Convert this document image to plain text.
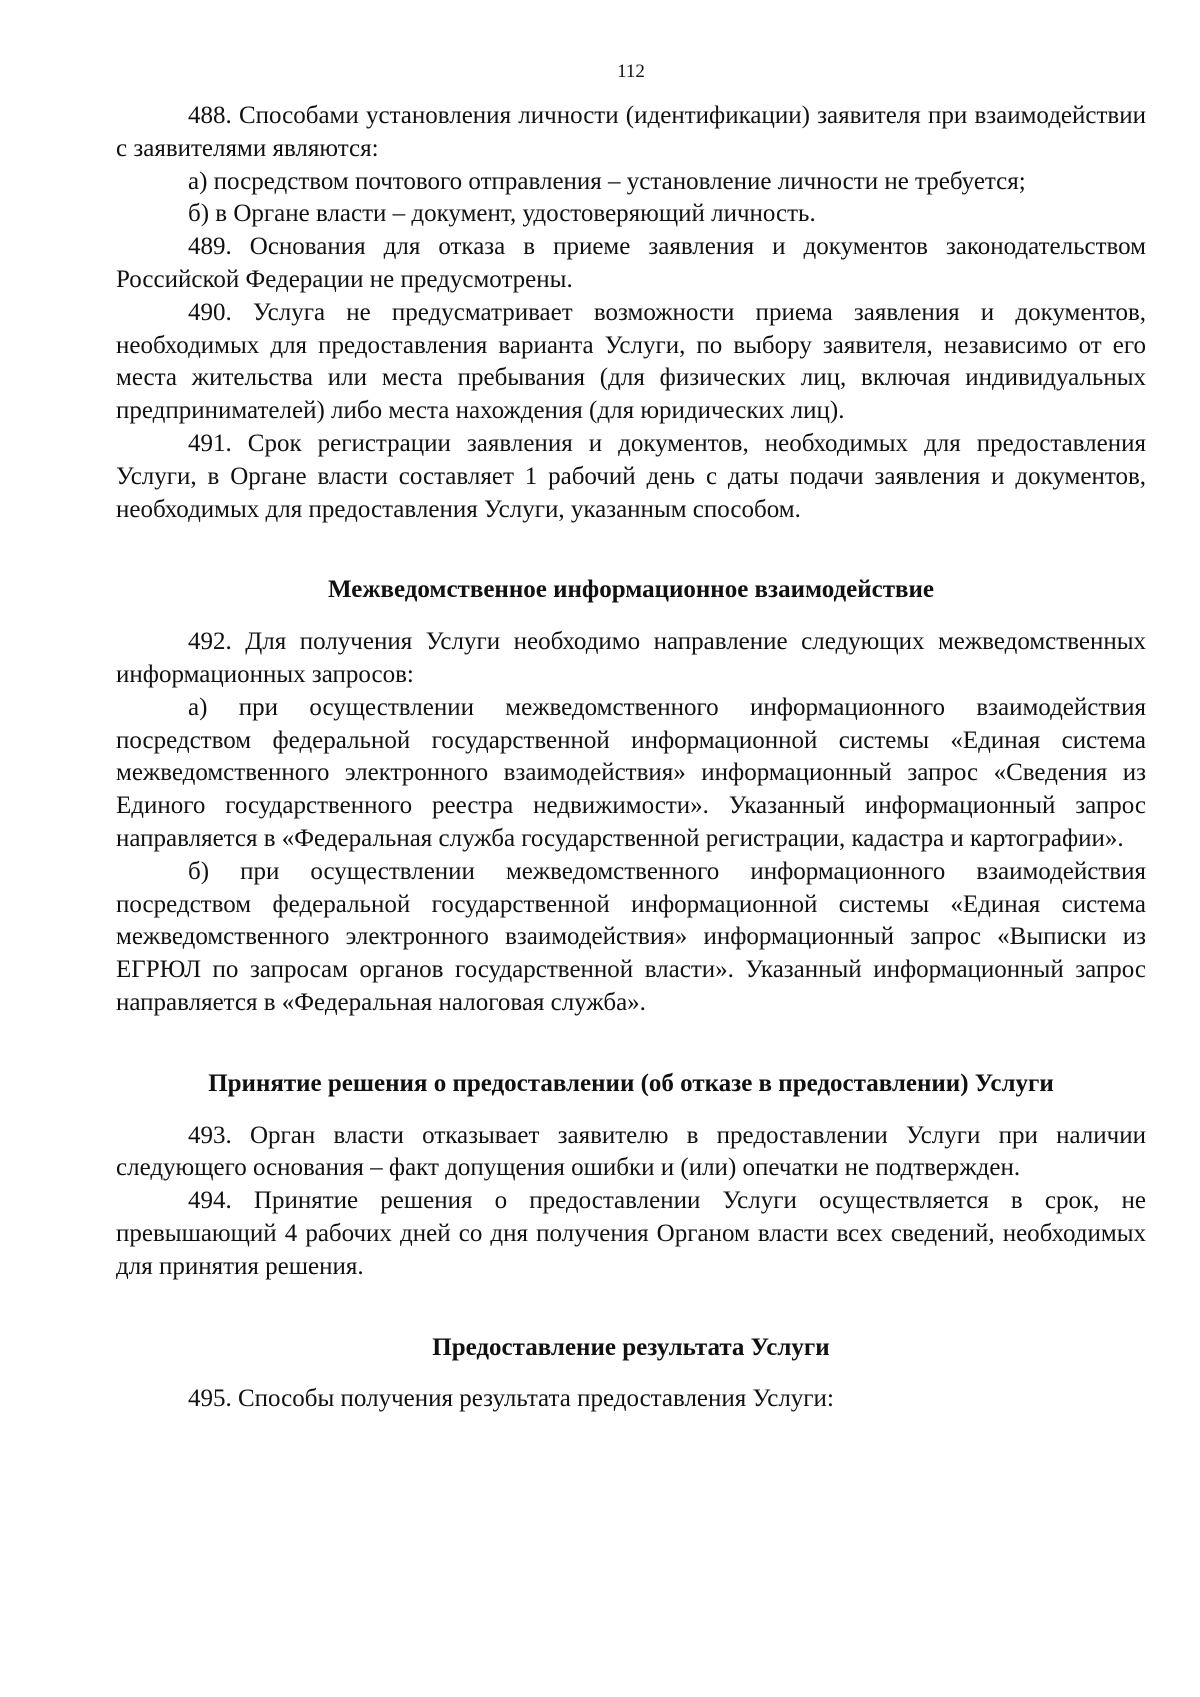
112

488. Способами установления личности (идентификации) заявителя при взаимодействии с заявителями являются:

а) посредством почтового отправления – установление личности не требуется;

б) в Органе власти – документ, удостоверяющий личность.

489. Основания для отказа в приеме заявления и документов законодательством Российской Федерации не предусмотрены.

490. Услуга не предусматривает возможности приема заявления и документов, необходимых для предоставления варианта Услуги, по выбору заявителя, независимо от его места жительства или места пребывания (для физических лиц, включая индивидуальных предпринимателей) либо места нахождения (для юридических лиц).

491. Срок регистрации заявления и документов, необходимых для предоставления Услуги, в Органе власти составляет 1 рабочий день с даты подачи заявления и документов, необходимых для предоставления Услуги, указанным способом.

Межведомственное информационное взаимодействие

492. Для получения Услуги необходимо направление следующих межведомственных информационных запросов:

а) при осуществлении межведомственного информационного взаимодействия посредством федеральной государственной информационной системы «Единая система межведомственного электронного взаимодействия» информационный запрос «Сведения из Единого государственного реестра недвижимости». Указанный информационный запрос направляется в «Федеральная служба государственной регистрации, кадастра и картографии».

б) при осуществлении межведомственного информационного взаимодействия посредством федеральной государственной информационной системы «Единая система межведомственного электронного взаимодействия» информационный запрос «Выписки из ЕГРЮЛ по запросам органов государственной власти». Указанный информационный запрос направляется в «Федеральная налоговая служба».

Принятие решения о предоставлении (об отказе в предоставлении) Услуги

493. Орган власти отказывает заявителю в предоставлении Услуги при наличии следующего основания – факт допущения ошибки и (или) опечатки не подтвержден.

494. Принятие решения о предоставлении Услуги осуществляется в срок, не превышающий 4 рабочих дней со дня получения Органом власти всех сведений, необходимых для принятия решения.

Предоставление результата Услуги

495. Способы получения результата предоставления Услуги:
